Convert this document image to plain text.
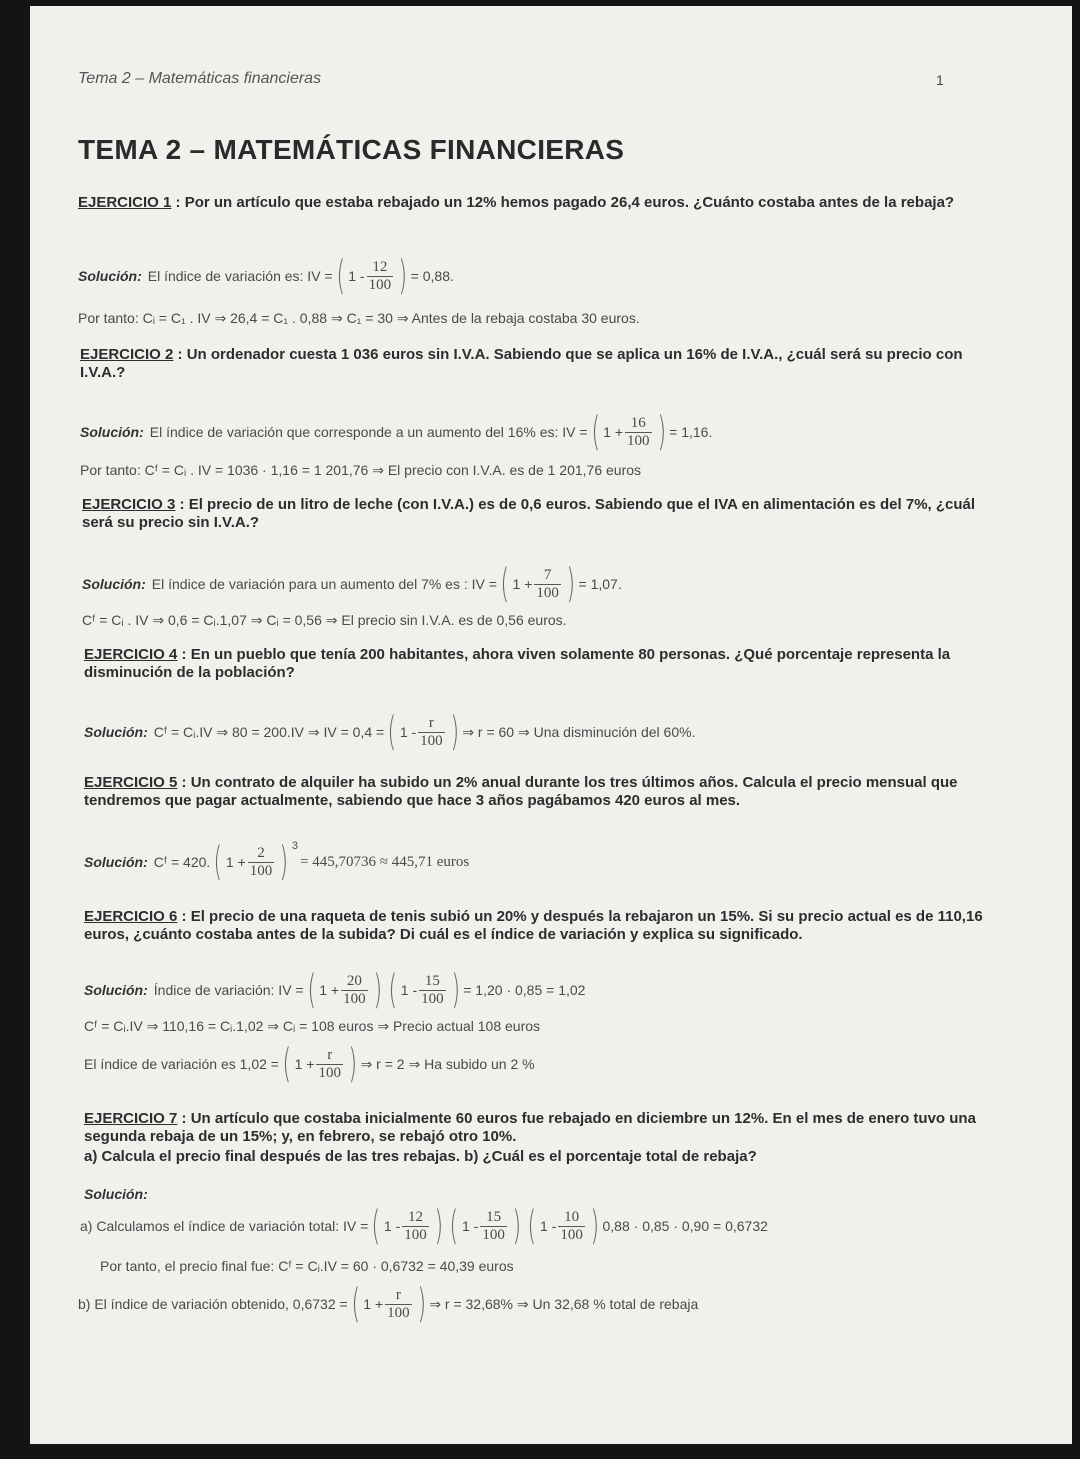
Tema 2 – Matemáticas financieras	1
TEMA 2 – MATEMÁTICAS FINANCIERAS
EJERCICIO 1 : Por un artículo que estaba rebajado un 12% hemos pagado 26,4 euros. ¿Cuánto costaba antes de la rebaja?
Solución: El índice de variación es: IV = ( $1 - \frac{12}{100}$ ) = 0,88.
Por tanto: Cᵢ = C₁ . IV ⇒ 26,4 = C₁ . 0,88 ⇒ C₁ = 30 ⇒ Antes de la rebaja costaba 30 euros.
EJERCICIO 2 : Un ordenador cuesta 1 036 euros sin I.V.A. Sabiendo que se aplica un 16% de I.V.A., ¿cuál será su precio con I.V.A.?
Solución: El índice de variación que corresponde a un aumento del 16% es: IV = ( $1 + \frac{16}{100}$ ) = 1,16.
Por tanto: Cᶠ = Cᵢ . IV = 1036 · 1,16 = 1 201,76 ⇒ El precio con I.V.A. es de 1 201,76 euros
EJERCICIO 3 : El precio de un litro de leche (con I.V.A.) es de 0,6 euros. Sabiendo que el IVA en alimentación es del 7%, ¿cuál será su precio sin I.V.A.?
Solución: El índice de variación para un aumento del 7% es : IV = ( $1 + \frac{7}{100}$ ) = 1,07.
Cᶠ = Cᵢ . IV ⇒ 0,6 = Cᵢ.1,07 ⇒ Cᵢ = 0,56 ⇒ El precio sin I.V.A. es de 0,56 euros.
EJERCICIO 4 : En un pueblo que tenía 200 habitantes, ahora viven solamente 80 personas. ¿Qué porcentaje representa la disminución de la población?
Solución: Cᶠ = Cᵢ.IV ⇒ 80 = 200.IV ⇒ IV = 0,4 = ( $1 - \frac{r}{100}$ ) ⇒ r = 60 ⇒ Una disminución del 60%.
EJERCICIO 5 : Un contrato de alquiler ha subido un 2% anual durante los tres últimos años. Calcula el precio mensual que tendremos que pagar actualmente, sabiendo que hace 3 años pagábamos 420 euros al mes.
Solución: Cᶠ = 420. ( $1 + \frac{2}{100}$ ) 3
= 445,70736 ≈ 445,71 euros
EJERCICIO 6 : El precio de una raqueta de tenis subió un 20% y después la rebajaron un 15%. Si su precio actual es de 110,16 euros, ¿cuánto costaba antes de la subida? Di cuál es el índice de variación y explica su significado.
Solución: Índice de variación: IV = ( $1 + \frac{20}{100}$ ) ( $1 - \frac{15}{100}$ ) = 1,20 · 0,85 = 1,02
Cᶠ = Cᵢ.IV ⇒ 110,16 = Cᵢ.1,02 ⇒ Cᵢ = 108 euros ⇒ Precio actual 108 euros
El índice de variación es 1,02 = ( $1 + \frac{r}{100}$ ) ⇒ r = 2 ⇒ Ha subido un 2 %
EJERCICIO 7 : Un artículo que costaba inicialmente 60 euros fue rebajado en diciembre un 12%. En el mes de enero tuvo una segunda rebaja de un 15%; y, en febrero, se rebajó otro 10%.
a) Calcula el precio final después de las tres rebajas. b) ¿Cuál es el porcentaje total de rebaja?
Solución:
a) Calculamos el índice de variación total: IV = ( $1 - \frac{12}{100}$ ) ( $1 - \frac{15}{100}$ ) ( $1 - \frac{10}{100}$ ) 0,88 · 0,85 · 0,90 = 0,6732
Por tanto, el precio final fue: Cᶠ = Cᵢ.IV = 60 · 0,6732 = 40,39 euros
b) El índice de variación obtenido, 0,6732 = ( $1 + \frac{r}{100}$ ) ⇒ r = 32,68% ⇒ Un 32,68 % total de rebaja
